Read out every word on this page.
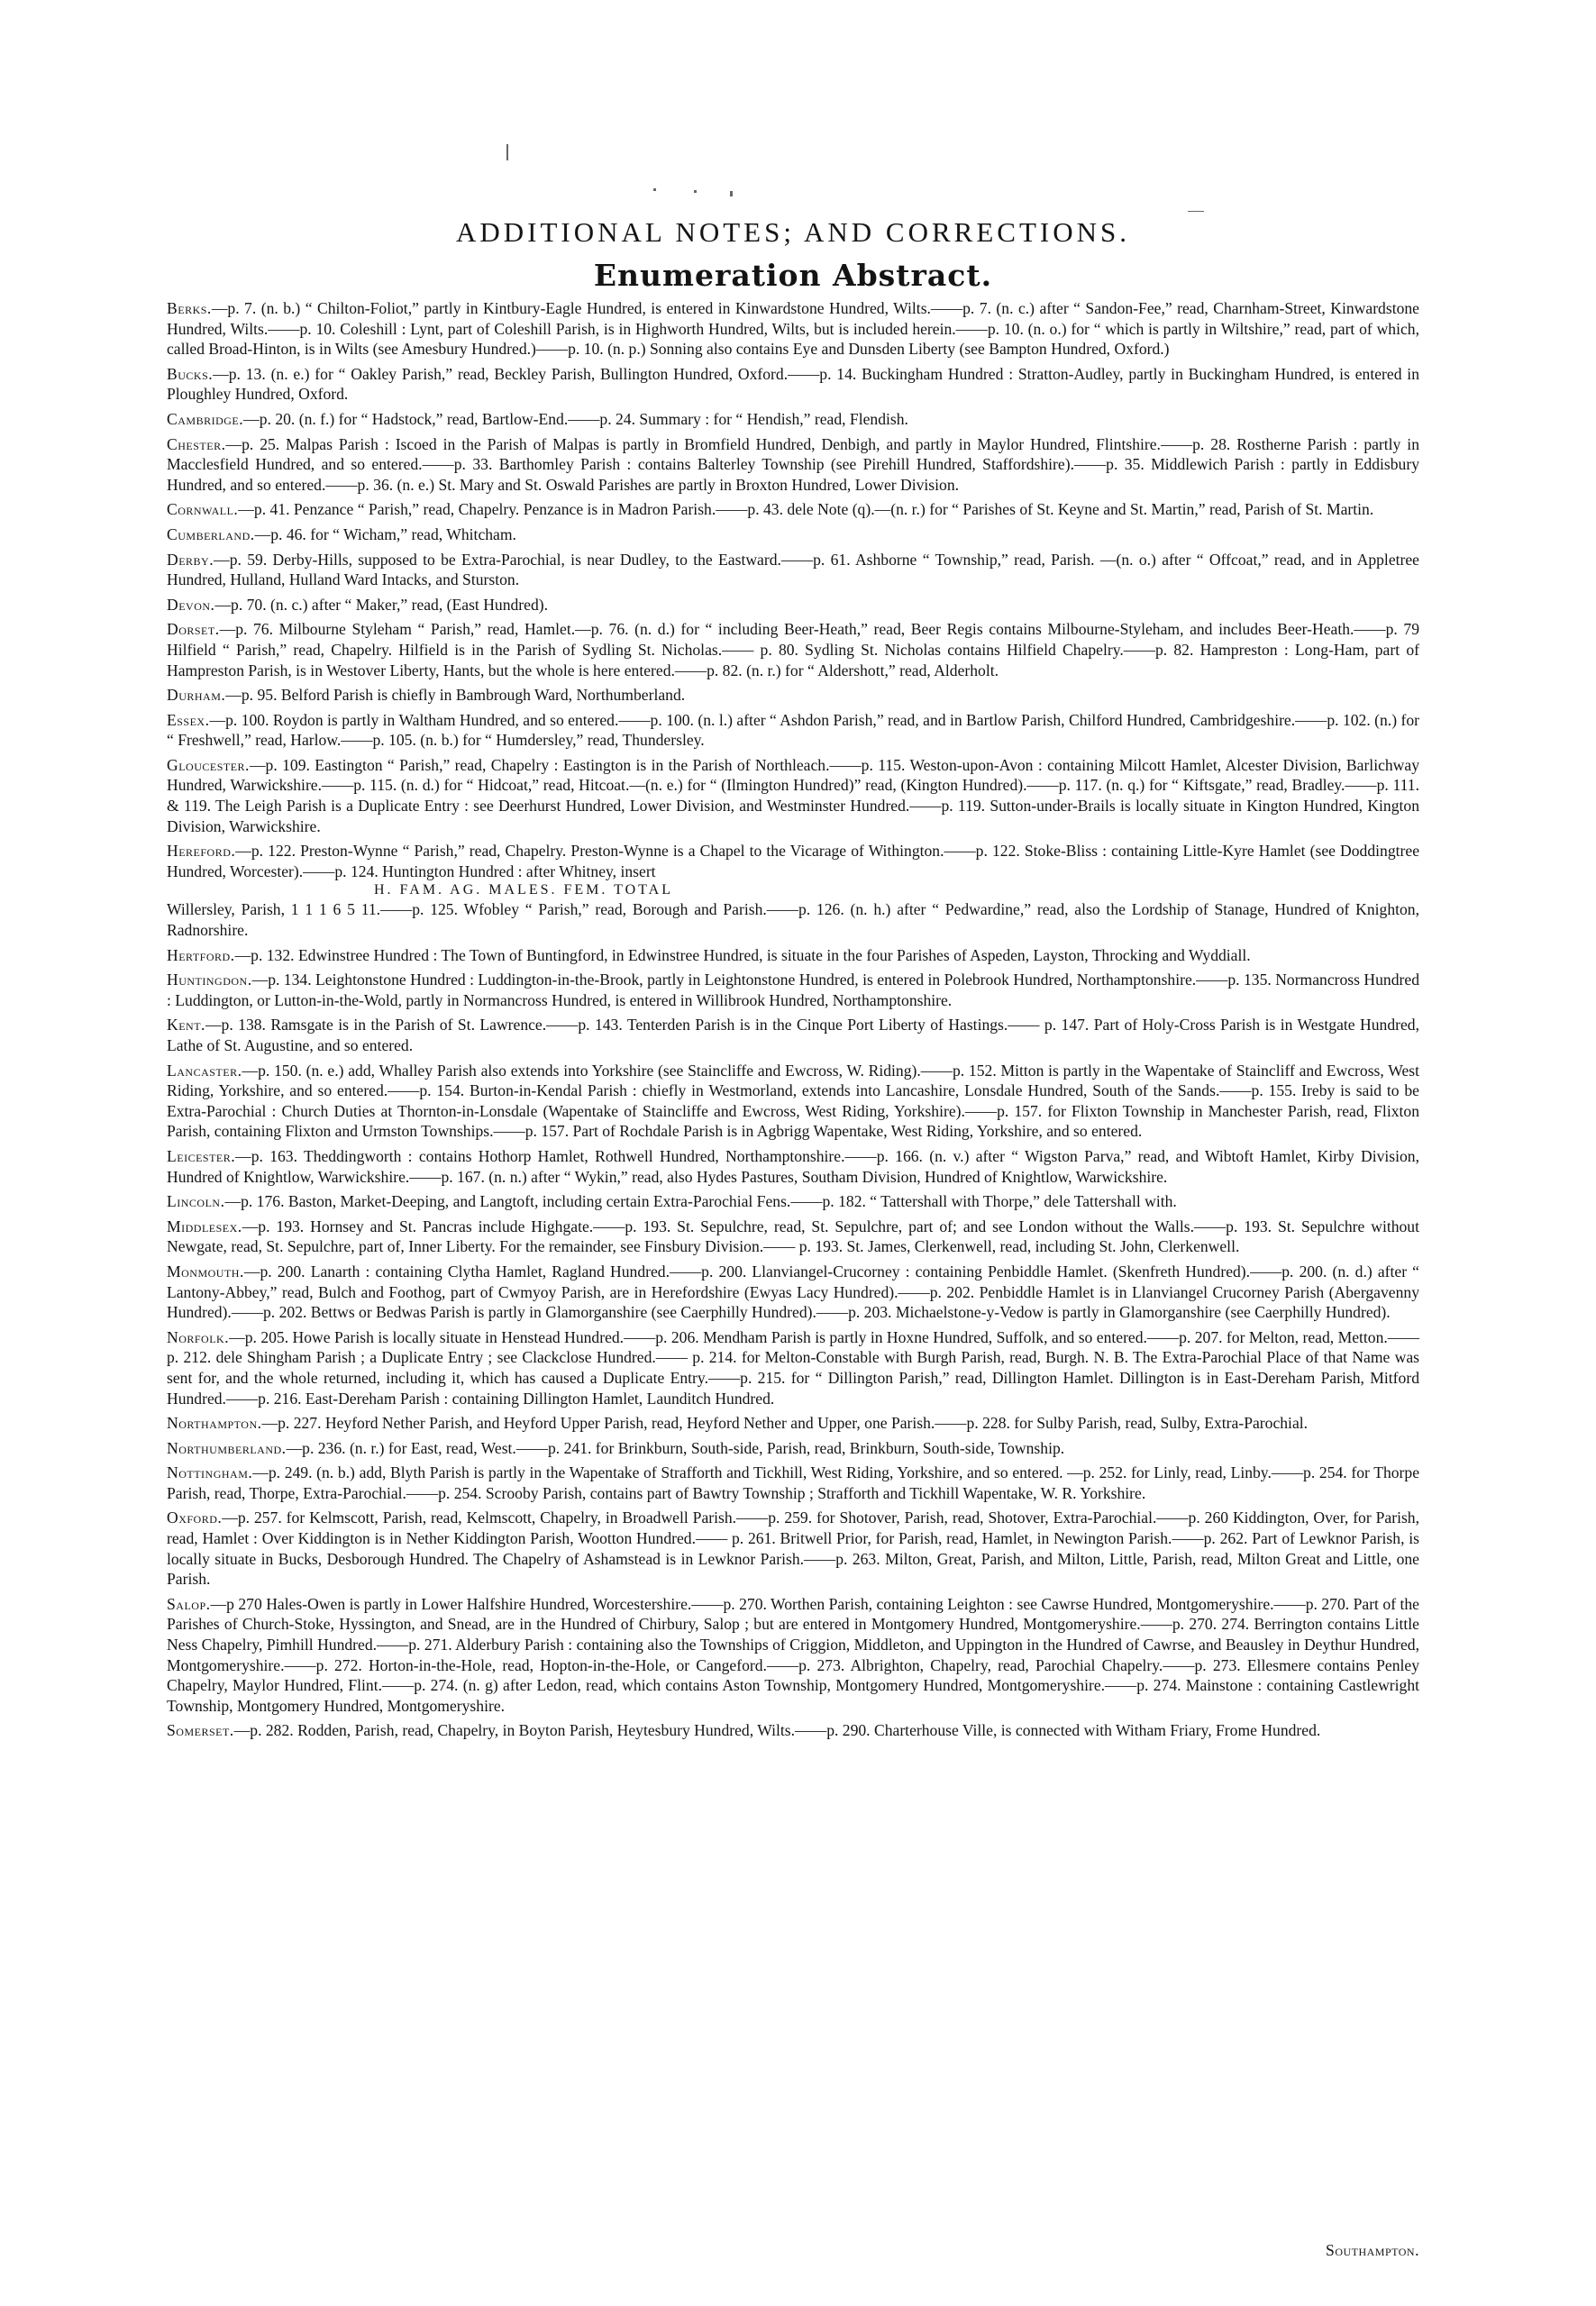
ADDITIONAL NOTES; AND CORRECTIONS.
Enumeration Abstract.

Berks.—p. 7. (n. b.) “ Chilton-Foliot,” partly in Kintbury-Eagle Hundred, is entered in Kinwardstone Hundred, Wilts.——p. 7. (n. c.) after “ Sandon-Fee,” read, Charnham-Street, Kinwardstone Hundred, Wilts.——p. 10. Coleshill : Lynt, part of Coleshill Parish, is in Highworth Hundred, Wilts, but is included herein.——p. 10. (n. o.) for “ which is partly in Wiltshire,” read, part of which, called Broad-Hinton, is in Wilts (see Amesbury Hundred.)——p. 10. (n. p.) Sonning also contains Eye and Dunsden Liberty (see Bampton Hundred, Oxford.)

Bucks.—p. 13. (n. e.) for “ Oakley Parish,” read, Beckley Parish, Bullington Hundred, Oxford.——p. 14. Buckingham Hundred : Stratton-Audley, partly in Buckingham Hundred, is entered in Ploughley Hundred, Oxford.

Cambridge.—p. 20. (n. f.) for “ Hadstock,” read, Bartlow-End.——p. 24. Summary : for “ Hendish,” read, Flendish.

Chester.—p. 25. Malpas Parish : Iscoed in the Parish of Malpas is partly in Bromfield Hundred, Denbigh, and partly in Maylor Hundred, Flintshire.——p. 28. Rostherne Parish : partly in Macclesfield Hundred, and so entered.——p. 33. Barthomley Parish : contains Balterley Township (see Pirehill Hundred, Staffordshire).——p. 35. Middlewich Parish : partly in Eddisbury Hundred, and so entered.——p. 36. (n. e.) St. Mary and St. Oswald Parishes are partly in Broxton Hundred, Lower Division.

Cornwall.—p. 41. Penzance “ Parish,” read, Chapelry. Penzance is in Madron Parish.——p. 43. dele Note (q).—(n. r.) for “ Parishes of St. Keyne and St. Martin,” read, Parish of St. Martin.

Cumberland.—p. 46. for “ Wicham,” read, Whitcham.

Derby.—p. 59. Derby-Hills, supposed to be Extra-Parochial, is near Dudley, to the Eastward.——p. 61. Ashborne “ Township,” read, Parish. —(n. o.) after “ Offcoat,” read, and in Appletree Hundred, Hulland, Hulland Ward Intacks, and Sturston.

Devon.—p. 70. (n. c.) after “ Maker,” read, (East Hundred).

Dorset.—p. 76. Milbourne Styleham “ Parish,” read, Hamlet.—p. 76. (n. d.) for “ including Beer-Heath,” read, Beer Regis contains Milbourne-Styleham, and includes Beer-Heath.——p. 79 Hilfield “ Parish,” read, Chapelry. Hilfield is in the Parish of Sydling St. Nicholas.—— p. 80. Sydling St. Nicholas contains Hilfield Chapelry.——p. 82. Hampreston : Long-Ham, part of Hampreston Parish, is in Westover Liberty, Hants, but the whole is here entered.——p. 82. (n. r.) for “ Aldershott,” read, Alderholt.

Durham.—p. 95. Belford Parish is chiefly in Bambrough Ward, Northumberland.

Essex.—p. 100. Roydon is partly in Waltham Hundred, and so entered.——p. 100. (n. l.) after “ Ashdon Parish,” read, and in Bartlow Parish, Chilford Hundred, Cambridgeshire.——p. 102. (n.) for “ Freshwell,” read, Harlow.——p. 105. (n. b.) for “ Humdersley,” read, Thundersley.

Gloucester.—p. 109. Eastington “ Parish,” read, Chapelry : Eastington is in the Parish of Northleach.——p. 115. Weston-upon-Avon : containing Milcott Hamlet, Alcester Division, Barlichway Hundred, Warwickshire.——p. 115. (n. d.) for “ Hidcoat,” read, Hitcoat.—(n. e.) for “ (Ilmington Hundred)” read, (Kington Hundred).——p. 117. (n. q.) for “ Kiftsgate,” read, Bradley.——p. 111. & 119. The Leigh Parish is a Duplicate Entry : see Deerhurst Hundred, Lower Division, and Westminster Hundred.——p. 119. Sutton-under-Brails is locally situate in Kington Hundred, Kington Division, Warwickshire.

Hereford.—p. 122. Preston-Wynne “ Parish,” read, Chapelry. Preston-Wynne is a Chapel to the Vicarage of Withington.——p. 122. Stoke-Bliss : containing Little-Kyre Hamlet (see Doddingtree Hundred, Worcester).——p. 124. Huntington Hundred : after Whitney, insert

H. FAM. AG. MALES. FEM. TOTAL

Willersley, Parish, 1 1 1 6 5 11.——p. 125. Wfobley “ Parish,” read, Borough and Parish.——p. 126. (n. h.) after “ Pedwardine,” read, also the Lordship of Stanage, Hundred of Knighton, Radnorshire.

Hertford.—p. 132. Edwinstree Hundred : The Town of Buntingford, in Edwinstree Hundred, is situate in the four Parishes of Aspeden, Layston, Throcking and Wyddiall.

Huntingdon.—p. 134. Leightonstone Hundred : Luddington-in-the-Brook, partly in Leightonstone Hundred, is entered in Polebrook Hundred, Northamptonshire.——p. 135. Normancross Hundred : Luddington, or Lutton-in-the-Wold, partly in Normancross Hundred, is entered in Willibrook Hundred, Northamptonshire.

Kent.—p. 138. Ramsgate is in the Parish of St. Lawrence.——p. 143. Tenterden Parish is in the Cinque Port Liberty of Hastings.—— p. 147. Part of Holy-Cross Parish is in Westgate Hundred, Lathe of St. Augustine, and so entered.

Lancaster.—p. 150. (n. e.) add, Whalley Parish also extends into Yorkshire (see Staincliffe and Ewcross, W. Riding).——p. 152. Mitton is partly in the Wapentake of Staincliff and Ewcross, West Riding, Yorkshire, and so entered.——p. 154. Burton-in-Kendal Parish : chiefly in Westmorland, extends into Lancashire, Lonsdale Hundred, South of the Sands.——p. 155. Ireby is said to be Extra-Parochial : Church Duties at Thornton-in-Lonsdale (Wapentake of Staincliffe and Ewcross, West Riding, Yorkshire).——p. 157. for Flixton Township in Manchester Parish, read, Flixton Parish, containing Flixton and Urmston Townships.——p. 157. Part of Rochdale Parish is in Agbrigg Wapentake, West Riding, Yorkshire, and so entered.

Leicester.—p. 163. Theddingworth : contains Hothorp Hamlet, Rothwell Hundred, Northamptonshire.——p. 166. (n. v.) after “ Wigston Parva,” read, and Wibtoft Hamlet, Kirby Division, Hundred of Knightlow, Warwickshire.——p. 167. (n. n.) after “ Wykin,” read, also Hydes Pastures, Southam Division, Hundred of Knightlow, Warwickshire.

Lincoln.—p. 176. Baston, Market-Deeping, and Langtoft, including certain Extra-Parochial Fens.——p. 182. “ Tattershall with Thorpe,” dele Tattershall with.

Middlesex.—p. 193. Hornsey and St. Pancras include Highgate.——p. 193. St. Sepulchre, read, St. Sepulchre, part of; and see London without the Walls.——p. 193. St. Sepulchre without Newgate, read, St. Sepulchre, part of, Inner Liberty. For the remainder, see Finsbury Division.—— p. 193. St. James, Clerkenwell, read, including St. John, Clerkenwell.

Monmouth.—p. 200. Lanarth : containing Clytha Hamlet, Ragland Hundred.——p. 200. Llanviangel-Crucorney : containing Penbiddle Hamlet. (Skenfreth Hundred).——p. 200. (n. d.) after “ Lantony-Abbey,” read, Bulch and Foothog, part of Cwmyoy Parish, are in Herefordshire (Ewyas Lacy Hundred).——p. 202. Penbiddle Hamlet is in Llanviangel Crucorney Parish (Abergavenny Hundred).——p. 202. Bettws or Bedwas Parish is partly in Glamorganshire (see Caerphilly Hundred).——p. 203. Michaelstone-y-Vedow is partly in Glamorganshire (see Caerphilly Hundred).

Norfolk.—p. 205. Howe Parish is locally situate in Henstead Hundred.——p. 206. Mendham Parish is partly in Hoxne Hundred, Suffolk, and so entered.——p. 207. for Melton, read, Metton.——p. 212. dele Shingham Parish ; a Duplicate Entry ; see Clackclose Hundred.—— p. 214. for Melton-Constable with Burgh Parish, read, Burgh. N. B. The Extra-Parochial Place of that Name was sent for, and the whole returned, including it, which has caused a Duplicate Entry.——p. 215. for “ Dillington Parish,” read, Dillington Hamlet. Dillington is in East-Dereham Parish, Mitford Hundred.——p. 216. East-Dereham Parish : containing Dillington Hamlet, Launditch Hundred.

Northampton.—p. 227. Heyford Nether Parish, and Heyford Upper Parish, read, Heyford Nether and Upper, one Parish.——p. 228. for Sulby Parish, read, Sulby, Extra-Parochial.

Northumberland.—p. 236. (n. r.) for East, read, West.——p. 241. for Brinkburn, South-side, Parish, read, Brinkburn, South-side, Township.

Nottingham.—p. 249. (n. b.) add, Blyth Parish is partly in the Wapentake of Strafforth and Tickhill, West Riding, Yorkshire, and so entered. —p. 252. for Linly, read, Linby.——p. 254. for Thorpe Parish, read, Thorpe, Extra-Parochial.——p. 254. Scrooby Parish, contains part of Bawtry Township ; Strafforth and Tickhill Wapentake, W. R. Yorkshire.

Oxford.—p. 257. for Kelmscott, Parish, read, Kelmscott, Chapelry, in Broadwell Parish.——p. 259. for Shotover, Parish, read, Shotover, Extra-Parochial.——p. 260 Kiddington, Over, for Parish, read, Hamlet : Over Kiddington is in Nether Kiddington Parish, Wootton Hundred.—— p. 261. Britwell Prior, for Parish, read, Hamlet, in Newington Parish.——p. 262. Part of Lewknor Parish, is locally situate in Bucks, Desborough Hundred. The Chapelry of Ashamstead is in Lewknor Parish.——p. 263. Milton, Great, Parish, and Milton, Little, Parish, read, Milton Great and Little, one Parish.

Salop.—p 270 Hales-Owen is partly in Lower Halfshire Hundred, Worcestershire.——p. 270. Worthen Parish, containing Leighton : see Cawrse Hundred, Montgomeryshire.——p. 270. Part of the Parishes of Church-Stoke, Hyssington, and Snead, are in the Hundred of Chirbury, Salop ; but are entered in Montgomery Hundred, Montgomeryshire.——p. 270. 274. Berrington contains Little Ness Chapelry, Pimhill Hundred.——p. 271. Alderbury Parish : containing also the Townships of Criggion, Middleton, and Uppington in the Hundred of Cawrse, and Beausley in Deythur Hundred, Montgomeryshire.——p. 272. Horton-in-the-Hole, read, Hopton-in-the-Hole, or Cangeford.——p. 273. Albrighton, Chapelry, read, Parochial Chapelry.——p. 273. Ellesmere contains Penley Chapelry, Maylor Hundred, Flint.——p. 274. (n. g) after Ledon, read, which contains Aston Township, Montgomery Hundred, Montgomeryshire.——p. 274. Mainstone : containing Castlewright Township, Montgomery Hundred, Montgomeryshire.

Somerset.—p. 282. Rodden, Parish, read, Chapelry, in Boyton Parish, Heytesbury Hundred, Wilts.——p. 290. Charterhouse Ville, is connected with Witham Friary, Frome Hundred.

Southampton.
